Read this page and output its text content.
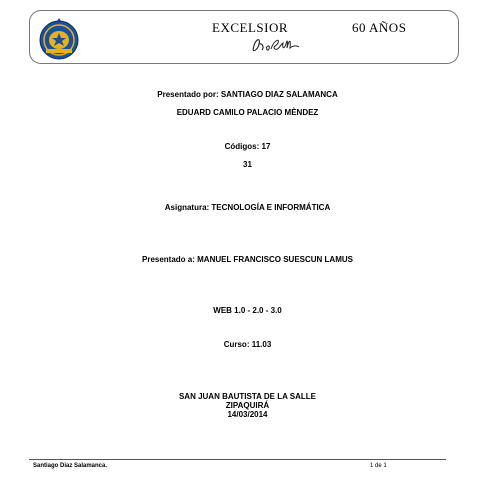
EXCELSIOR	60 AÑOS
Presentado por: SANTIAGO DIAZ SALAMANCA
EDUARD CAMILO PALACIO MÈNDEZ
Códigos: 17
31
Asignatura: TECNOLOGÍA E INFORMÁTICA
Presentado a: MANUEL FRANCISCO SUESCUN LAMUS
WEB 1.0 - 2.0 - 3.0
Curso: 11.03
SAN JUAN BAUTISTA DE LA SALLE
ZIPAQUIRÁ
14/03/2014
Santiago Diaz Salamanca.	1 de 1
